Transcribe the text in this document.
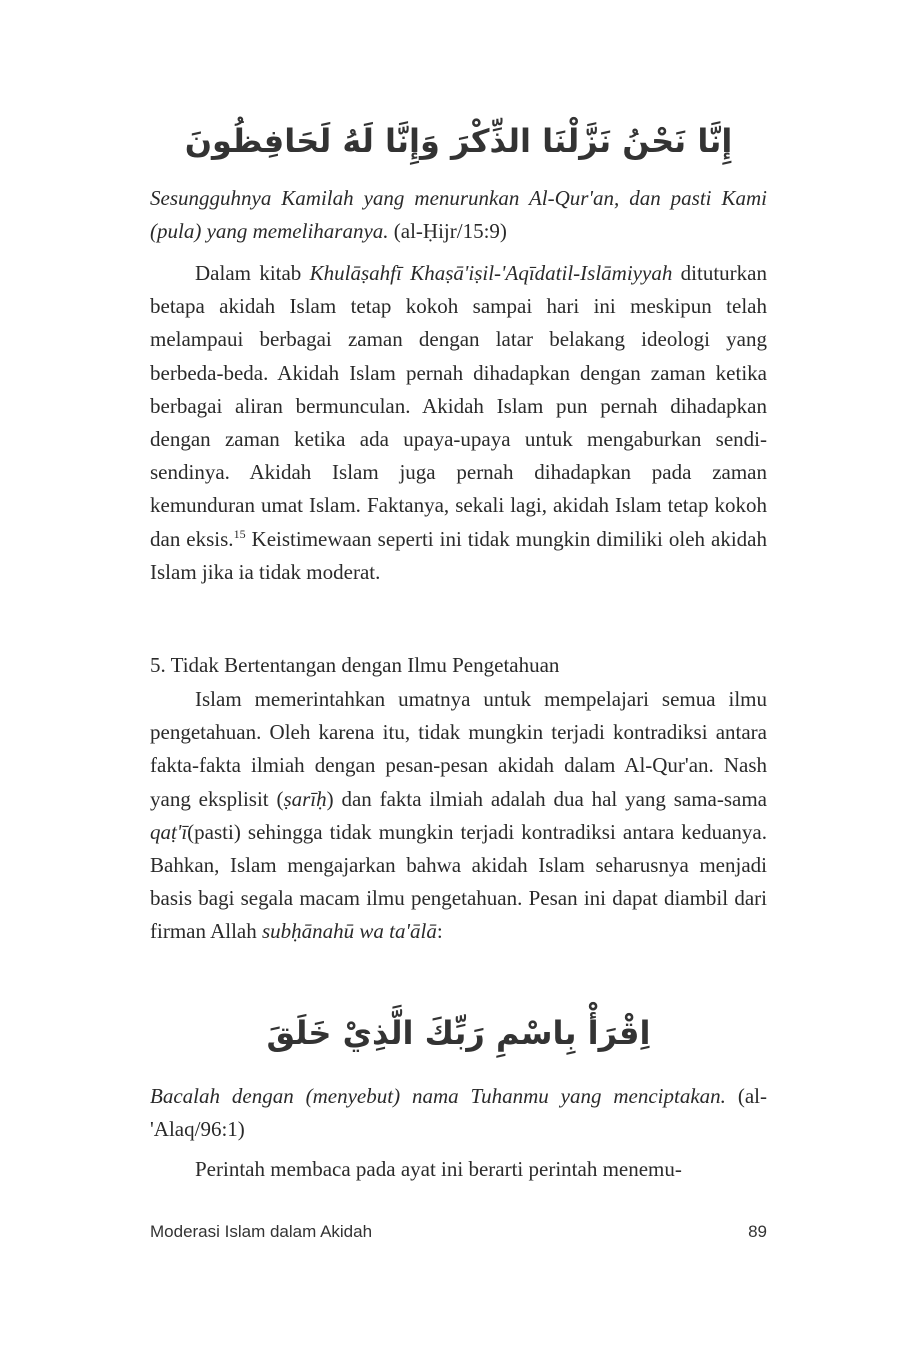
إِنَّا نَحْنُ نَزَّلْنَا الذِّكْرَ وَإِنَّا لَهُ لَحَافِظُونَ
Sesungguhnya Kamilah yang menurunkan Al-Qur'an, dan pasti Kami (pula) yang memeliharanya. (al-Ḥijr/15:9)
Dalam kitab Khulāṣahfī Khaṣā'iṣil-'Aqīdatil-Islāmiyyah dituturkan betapa akidah Islam tetap kokoh sampai hari ini meskipun telah melampaui berbagai zaman dengan latar belakang ideologi yang berbeda-beda. Akidah Islam pernah dihadapkan dengan zaman ketika berbagai aliran bermunculan. Akidah Islam pun pernah dihadapkan dengan zaman ketika ada upaya-upaya untuk mengaburkan sendi-sendinya. Akidah Islam juga pernah dihadapkan pada zaman kemunduran umat Islam. Faktanya, sekali lagi, akidah Islam tetap kokoh dan eksis.$^{15}$ Keistimewaan seperti ini tidak mungkin dimiliki oleh akidah Islam jika ia tidak moderat.
5. Tidak Bertentangan dengan Ilmu Pengetahuan
Islam memerintahkan umatnya untuk mempelajari semua ilmu pengetahuan. Oleh karena itu, tidak mungkin terjadi kontradiksi antara fakta-fakta ilmiah dengan pesan-pesan akidah dalam Al-Qur'an. Nash yang eksplisit (ṣarīḥ) dan fakta ilmiah adalah dua hal yang sama-sama qaṭ'ī(pasti) sehingga tidak mungkin terjadi kontradiksi antara keduanya. Bahkan, Islam mengajarkan bahwa akidah Islam seharusnya menjadi basis bagi segala macam ilmu pengetahuan. Pesan ini dapat diambil dari firman Allah subḥānahū wa ta'ālā:
اِقْرَأْ بِاسْمِ رَبِّكَ الَّذِيْ خَلَقَ
Bacalah dengan (menyebut) nama Tuhanmu yang menciptakan. (al-'Alaq/96:1)
Perintah membaca pada ayat ini berarti perintah menemu-
Moderasi Islam dalam Akidah	89
